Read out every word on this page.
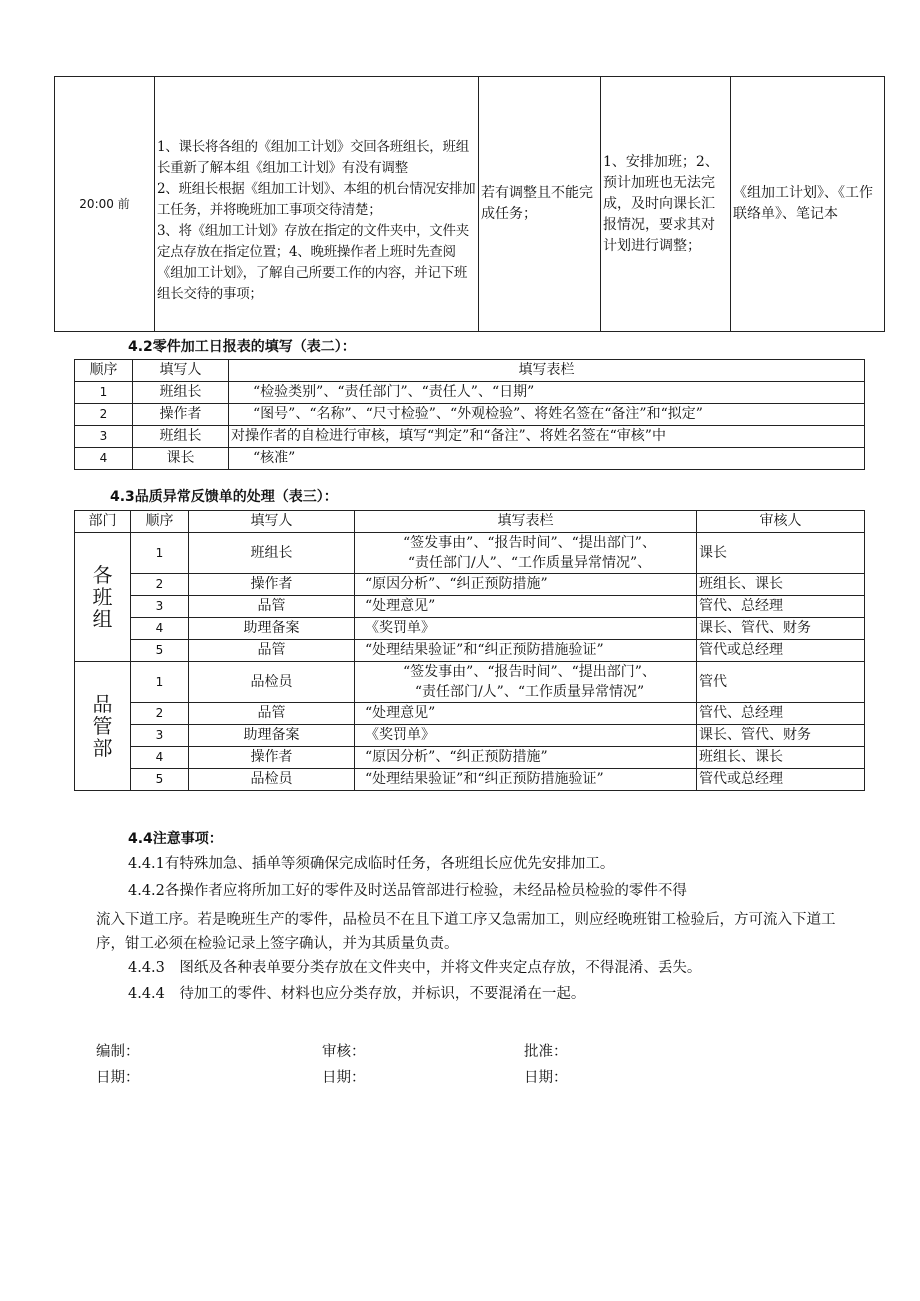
20:00 前	1、课长将各组的《组加工计划》交回各班组长，班组长重新了解本组《组加工计划》有没有调整
2、班组长根据《组加工计划》、本组的机台情况安排加工任务，并将晚班加工事项交待清楚；
3、将《组加工计划》存放在指定的文件夹中，文件夹定点存放在指定位置；4、晚班操作者上班时先查阅《组加工计划》，了解自己所要工作的内容，并记下班组长交待的事项；	若有调整且不能完成任务；	1、安排加班；2、预计加班也无法完成，及时向课长汇报情况，要求其对计划进行调整；	《组加工计划》、《工作联络单》、笔记本
4.2零件加工日报表的填写（表二）：
顺序	填写人	填写表栏
1	班组长	“检验类别”、“责任部门”、“责任人”、“日期”
2	操作者	“图号”、“名称”、“尺寸检验”、“外观检验”、将姓名签在“备注”和“拟定”
3	班组长	对操作者的自检进行审核，填写“判定”和“备注”、将姓名签在“审核”中
4	课长	“核准”
4.3品质异常反馈单的处理（表三）：
部门	顺序	填写人	填写表栏	审核人
各班组	1	班组长	“签发事由”、“报告时间”、“提出部门”、
“责任部门/人”、“工作质量异常情况”、	课长
	2	操作者	“原因分析”、“纠正预防措施”	班组长、课长
	3	品管	“处理意见”	管代、总经理
	4	助理备案	《奖罚单》	课长、管代、财务
	5	品管	“处理结果验证”和“纠正预防措施验证”	管代或总经理
品管部	1	品检员	“签发事由”、“报告时间”、“提出部门”、
“责任部门/人”、“工作质量异常情况”	管代
	2	品管	“处理意见”	管代、总经理
	3	助理备案	《奖罚单》	课长、管代、财务
	4	操作者	“原因分析”、“纠正预防措施”	班组长、课长
	5	品检员	“处理结果验证”和“纠正预防措施验证”	管代或总经理
4.4注意事项：
4.4.1有特殊加急、插单等须确保完成临时任务，各班组长应优先安排加工。
4.4.2各操作者应将所加工好的零件及时送品管部进行检验，未经品检员检验的零件不得
流入下道工序。若是晚班生产的零件，品检员不在且下道工序又急需加工，则应经晚班钳工检验后，方可流入下道工
序，钳工必须在检验记录上签字确认，并为其质量负责。
4.4.3　图纸及各种表单要分类存放在文件夹中，并将文件夹定点存放，不得混淆、丢失。
4.4.4　待加工的零件、材料也应分类存放，并标识，不要混淆在一起。
编制：	审核：	批准：
日期：	日期：	日期：
